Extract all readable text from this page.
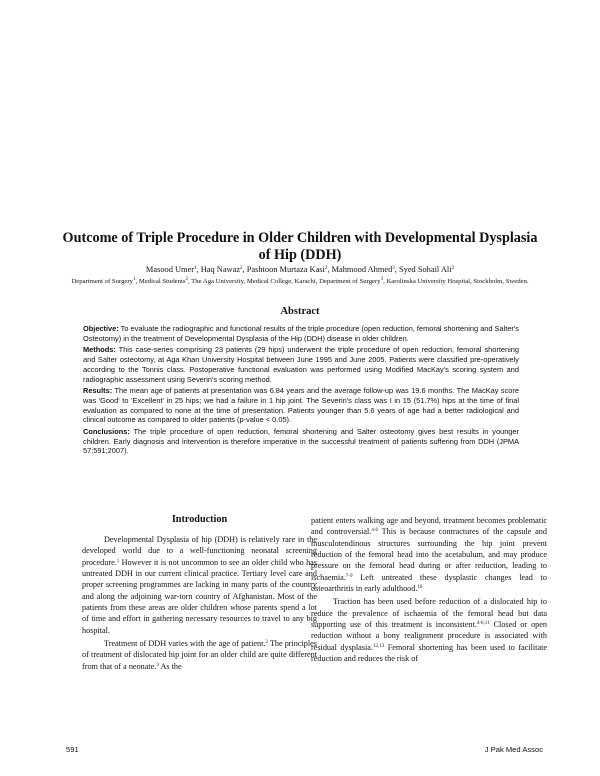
Outcome of Triple Procedure in Older Children with Developmental Dysplasia of Hip (DDH)
Masood Umer$^1$, Haq Nawaz$^2$, Pashtoon Murtaza Kasi$^2$, Mahmood Ahmed$^3$, Syed Sohail Ali$^2$
Department of Surgery$^1$, Medical Students$^2$, The Aga University, Medical College, Karachi, Department of Surgery$^3$, Karolinska University Hospital, Stockholm, Sweden.
Abstract

Objective: To evaluate the radiographic and functional results of the triple procedure (open reduction, femoral shortening and Salter's Osteotomy) in the treatment of Developmental Dysplasia of the Hip (DDH) disease in older children.

Methods: This case-series comprising 23 patients (29 hips) underwent the triple procedure of open reduction, femoral shortening and Salter osteotomy, at Aga Khan University Hospital between June 1995 and June 2005. Patients were classified pre-operatively according to the Tonnis class. Postoperative functional evaluation was performed using Modified MacKay's scoring system and radiographic assessment using Severin's scoring method.

Results: The mean age of patients at presentation was 6.84 years and the average follow-up was 19.6 months. The MacKay score was 'Good' to 'Excellent' in 25 hips; we had a failure in 1 hip joint. The Severin's class was I in 15 (51.7%) hips at the time of final evaluation as compared to none at the time of presentation. Patients younger than 5.6 years of age had a better radiological and clinical outcome as compared to older patients (p-value < 0.05).

Conclusions: The triple procedure of open reduction, femoral shortening and Salter osteotomy gives best results in younger children. Early diagnosis and intervention is therefore imperative in the successful treatment of patients suffering from DDH (JPMA 57:591;2007).

Introduction

Developmental Dysplasia of hip (DDH) is relatively rare in the developed world due to a well-functioning neonatal screening procedure.$^1$ However it is not uncommon to see an older child who has untreated DDH in our current clinical practice. Tertiary level care and proper screening programmes are lacking in many parts of the country and along the adjoining war-torn country of Afghanistan. Most of the patients from these areas are older children whose parents spend a lot of time and effort in gathering necessary resources to travel to any big hospital.

Treatment of DDH varies with the age of patient.$^2$ The principles of treatment of dislocated hip joint for an older child are quite different from that of a neonate.$^3$ As the

patient enters walking age and beyond, treatment becomes problematic and controversial.$^{4-6}$ This is because contractures of the capsule and musculotendinous structures surrounding the hip joint prevent reduction of the femoral head into the acetabulum, and may produce pressure on the femoral head during or after reduction, leading to ischaemia.$^{7-9}$ Left untreated these dysplastic changes lead to osteoarthritis in early adulthood.$^{10}$

Traction has been used before reduction of a dislocated hip to reduce the prevalence of ischaemia of the femoral head but data supporting use of this treatment is inconsistent.$^{4-6,11}$ Closed or open reduction without a bony realignment procedure is associated with residual dysplasia.$^{12,13}$ Femoral shortening has been used to facilitate reduction and reduces the risk of

591	J Pak Med Assoc
